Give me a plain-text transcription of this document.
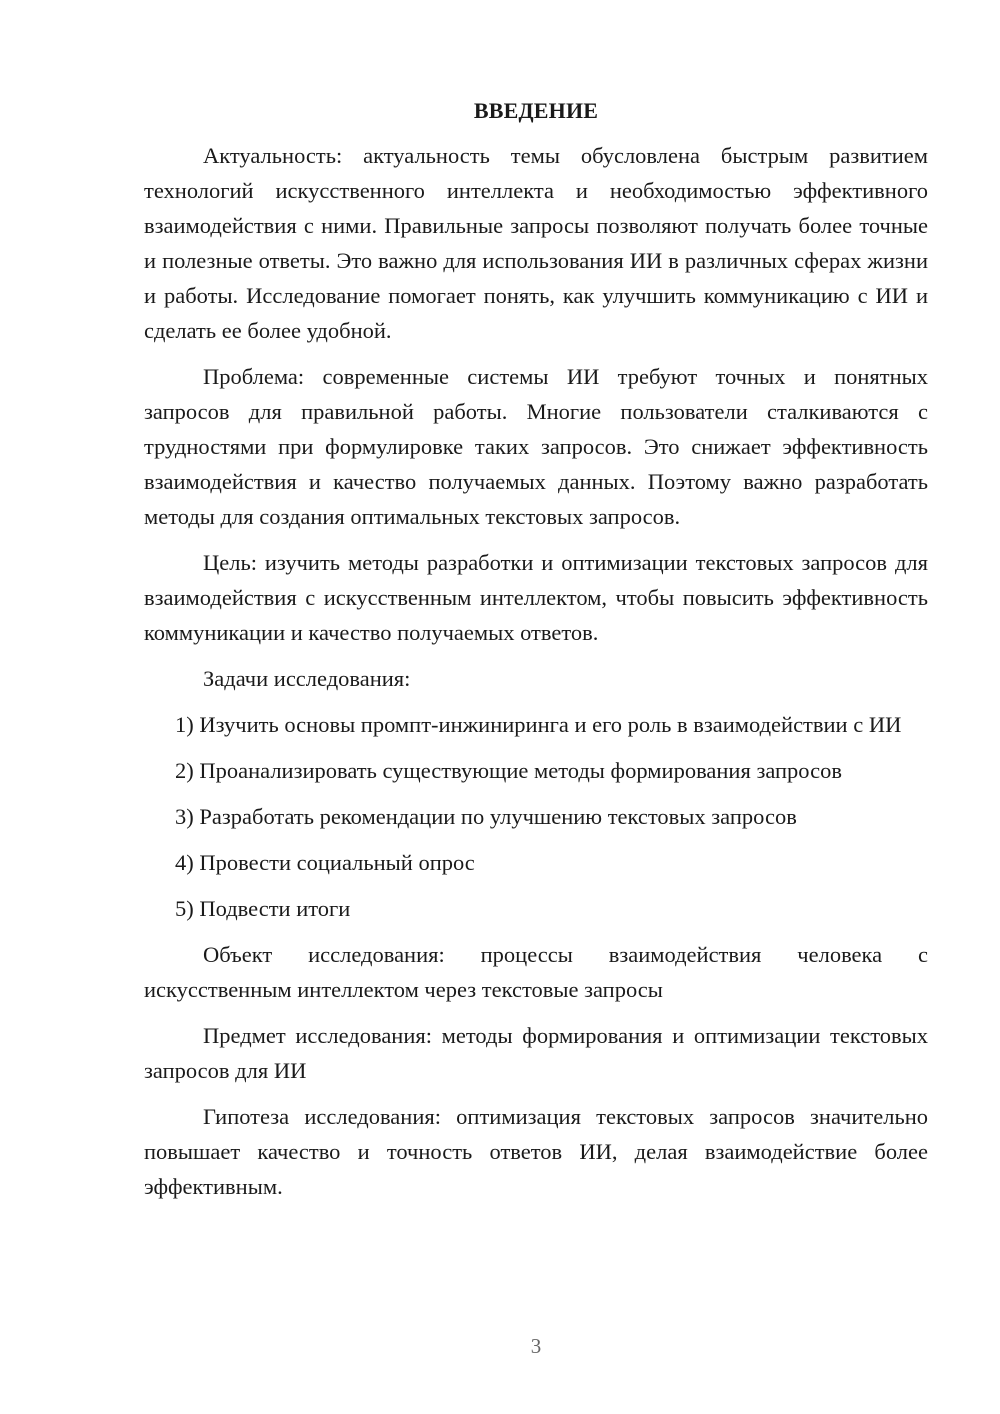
ВВЕДЕНИЕ

Актуальность: актуальность темы обусловлена быстрым развитием технологий искусственного интеллекта и необходимостью эффективного взаимодействия с ними. Правильные запросы позволяют получать более точные и полезные ответы. Это важно для использования ИИ в различных сферах жизни и работы. Исследование помогает понять, как улучшить коммуникацию с ИИ и сделать ее более удобной.

Проблема: современные системы ИИ требуют точных и понятных запросов для правильной работы. Многие пользователи сталкиваются с трудностями при формулировке таких запросов. Это снижает эффективность взаимодействия и качество получаемых данных. Поэтому важно разработать методы для создания оптимальных текстовых запросов.

Цель: изучить методы разработки и оптимизации текстовых запросов для взаимодействия с искусственным интеллектом, чтобы повысить эффективность коммуникации и качество получаемых ответов.

Задачи исследования:

1) Изучить основы промпт-инжиниринга и его роль в взаимодействии с ИИ

2) Проанализировать существующие методы формирования запросов

3) Разработать рекомендации по улучшению текстовых запросов

4) Провести социальный опрос

5) Подвести итоги

Объект исследования: процессы взаимодействия человека с искусственным интеллектом через текстовые запросы

Предмет исследования: методы формирования и оптимизации текстовых запросов для ИИ

Гипотеза исследования: оптимизация текстовых запросов значительно повышает качество и точность ответов ИИ, делая взаимодействие более эффективным.

3
